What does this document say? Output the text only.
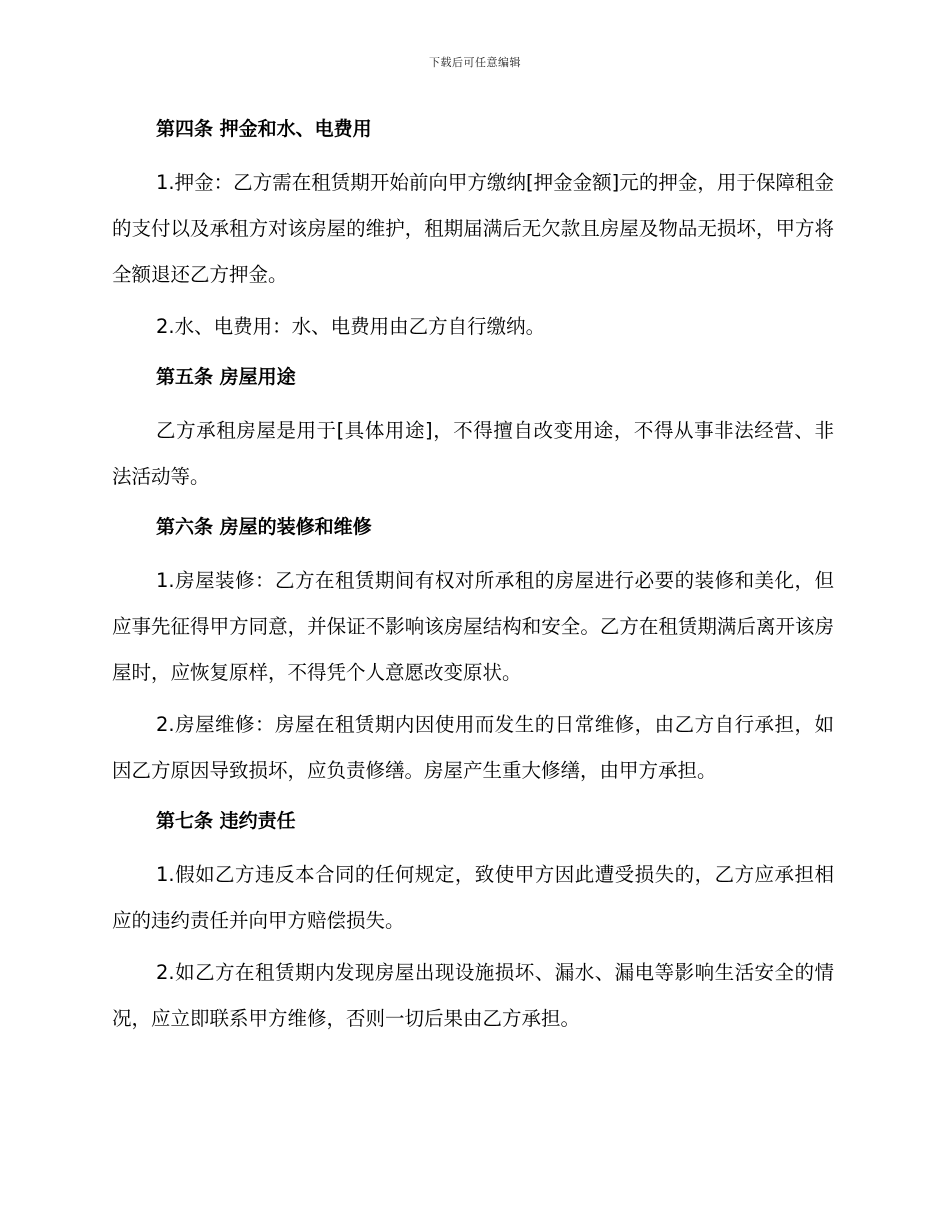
下载后可任意编辑
第四条 押金和水、电费用

1.押金：乙方需在租赁期开始前向甲方缴纳[押金金额]元的押金，用于保障租金的支付以及承租方对该房屋的维护，租期届满后无欠款且房屋及物品无损坏，甲方将全额退还乙方押金。

2.水、电费用：水、电费用由乙方自行缴纳。

第五条 房屋用途

乙方承租房屋是用于[具体用途]，不得擅自改变用途，不得从事非法经营、非法活动等。

第六条 房屋的装修和维修

1.房屋装修：乙方在租赁期间有权对所承租的房屋进行必要的装修和美化，但应事先征得甲方同意，并保证不影响该房屋结构和安全。乙方在租赁期满后离开该房屋时，应恢复原样，不得凭个人意愿改变原状。

2.房屋维修：房屋在租赁期内因使用而发生的日常维修，由乙方自行承担，如因乙方原因导致损坏，应负责修缮。房屋产生重大修缮，由甲方承担。

第七条 违约责任

1.假如乙方违反本合同的任何规定，致使甲方因此遭受损失的，乙方应承担相应的违约责任并向甲方赔偿损失。

2.如乙方在租赁期内发现房屋出现设施损坏、漏水、漏电等影响生活安全的情况，应立即联系甲方维修，否则一切后果由乙方承担。
